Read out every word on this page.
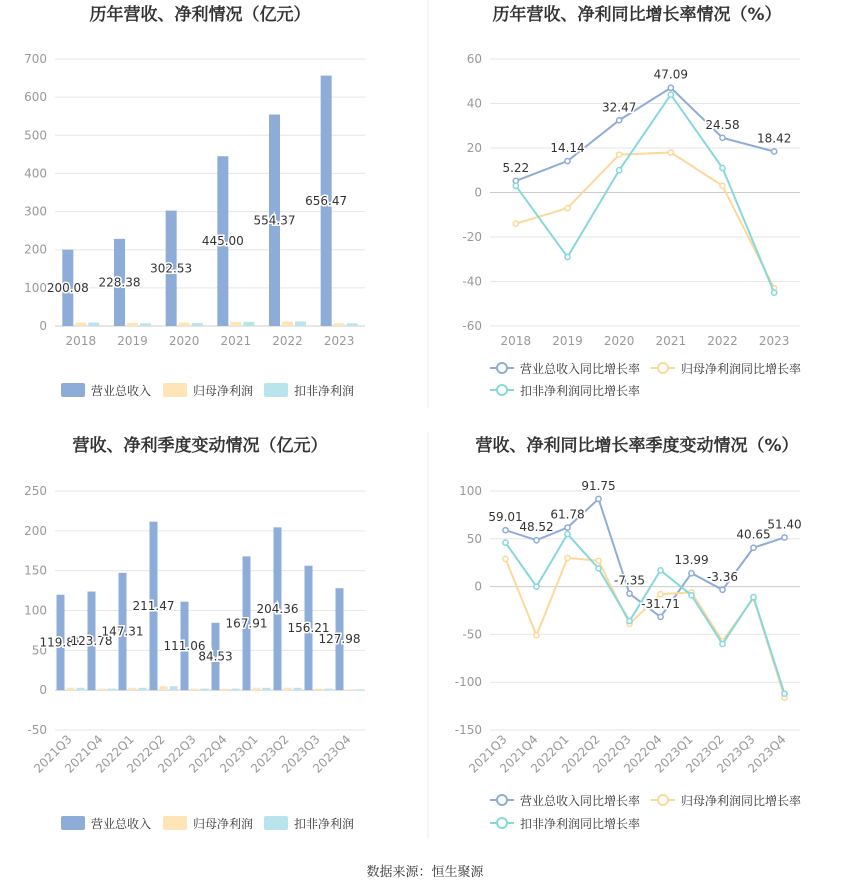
历年营收、净利情况（亿元）
0
100
200
300
400
500
600
700
2018 2019 2020 2021 2022 2023
200.08 228.38
302.53
445.00
554.37
656.47
营业总收入	归母净利润	扣非净利润
历年营收、净利同比增长率情况（%）
-60
-40
-20
0
20
40
60
2018 2019 2020 2021 2022 2023
5.22
14.14
32.47
47.09
24.58
18.42
营业总收入同比增长率	归母净利润同比增长率
扣非净利润同比增长率
营收、净利季度变动情况（亿元）
-50
0
50
100
150
200
250
2021Q3
2021Q4
2022Q1
2022Q2
2022Q3
2022Q4
2023Q1
2023Q2
2023Q3
2023Q4
119.81
123.78
147.31
211.47
111.06
84.53
167.91
204.36
156.21
127.98
营业总收入	归母净利润	扣非净利润
营收、净利同比增长率季度变动情况（%）
-150
-100
-50
0
50
100
2021Q3
2021Q4
2022Q1
2022Q2
2022Q3
2022Q4
2023Q1
2023Q2
2023Q3
2023Q4
59.01
48.52
61.78
91.75
-7.35
-31.71
13.99
-3.36
40.65
51.40
营业总收入同比增长率	归母净利润同比增长率
扣非净利润同比增长率
数据来源：恒生聚源
